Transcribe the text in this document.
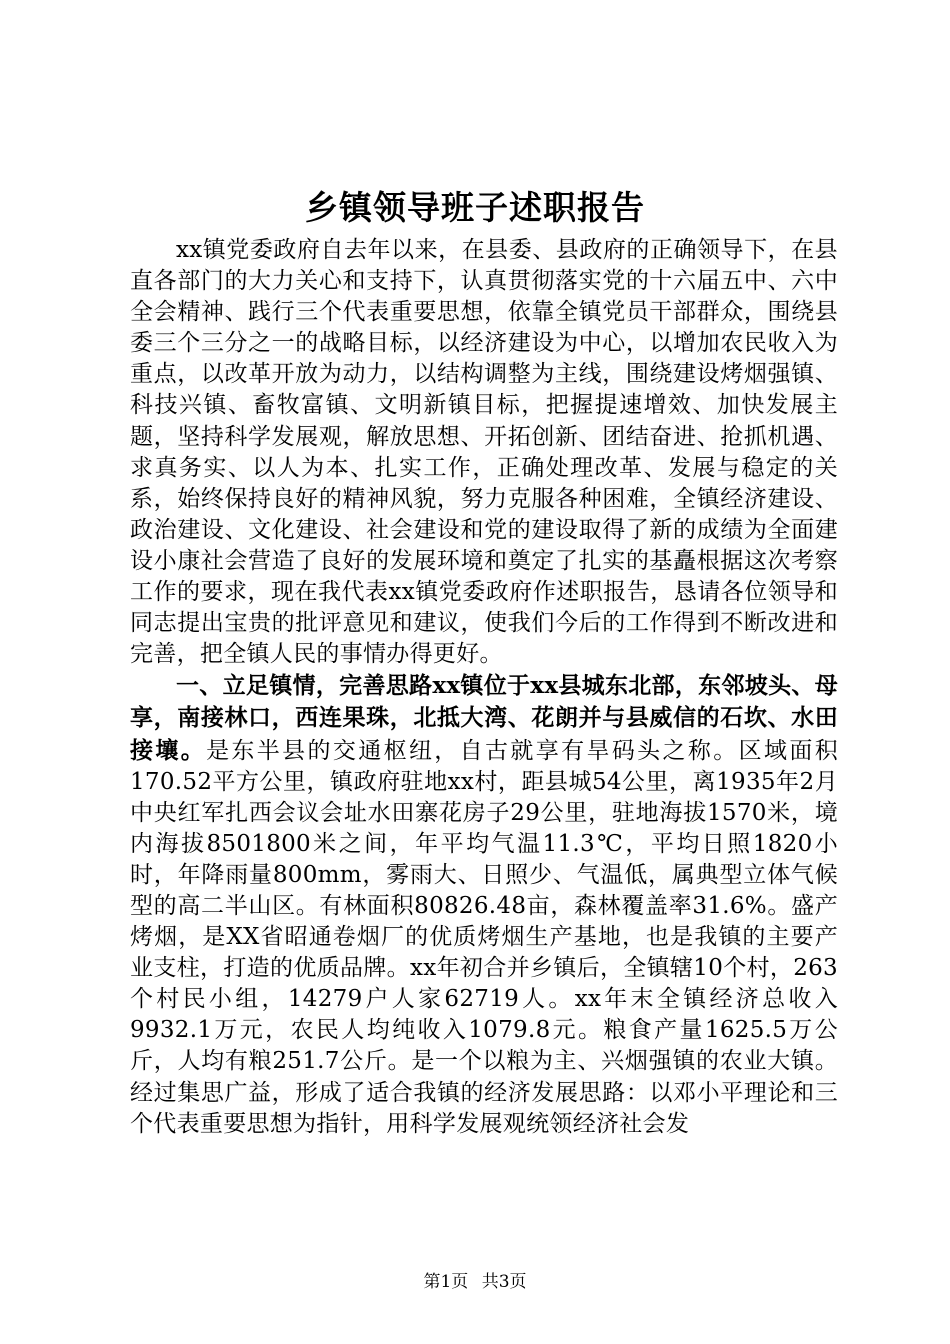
乡镇领导班子述职报告

xx镇党委政府自去年以来，在县委、县政府的正确领导下，在县直各部门的大力关心和支持下，认真贯彻落实党的十六届五中、六中全会精神、践行三个代表重要思想，依靠全镇党员干部群众，围绕县委三个三分之一的战略目标，以经济建设为中心，以增加农民收入为重点，以改革开放为动力，以结构调整为主线，围绕建设烤烟强镇、科技兴镇、畜牧富镇、文明新镇目标，把握提速增效、加快发展主题，坚持科学发展观，解放思想、开拓创新、团结奋进、抢抓机遇、求真务实、以人为本、扎实工作，正确处理改革、发展与稳定的关系，始终保持良好的精神风貌，努力克服各种困难，全镇经济建设、政治建设、文化建设、社会建设和党的建设取得了新的成绩为全面建设小康社会营造了良好的发展环境和奠定了扎实的基矗根据这次考察工作的要求，现在我代表xx镇党委政府作述职报告，恳请各位领导和同志提出宝贵的批评意见和建议，使我们今后的工作得到不断改进和完善，把全镇人民的事情办得更好。

一、立足镇情，完善思路xx镇位于xx县城东北部，东邻坡头、母享，南接林口，西连果珠，北抵大湾、花朗并与县威信的石坎、水田接壤。是东半县的交通枢纽，自古就享有旱码头之称。区域面积170.52平方公里，镇政府驻地xx村，距县城54公里，离1935年2月中央红军扎西会议会址水田寨花房子29公里，驻地海拔1570米，境内海拔8501800米之间，年平均气温11.3℃，平均日照1820小时，年降雨量800mm，雾雨大、日照少、气温低，属典型立体气候型的高二半山区。有林面积80826.48亩，森林覆盖率31.6%。盛产烤烟，是XX省昭通卷烟厂的优质烤烟生产基地，也是我镇的主要产业支柱，打造的优质品牌。xx年初合并乡镇后，全镇辖10个村，263个村民小组，14279户人家62719人。xx年末全镇经济总收入9932.1万元，农民人均纯收入1079.8元。粮食产量1625.5万公斤，人均有粮251.7公斤。是一个以粮为主、兴烟强镇的农业大镇。经过集思广益，形成了适合我镇的经济发展思路：以邓小平理论和三个代表重要思想为指针，用科学发展观统领经济社会发

第1页 共3页
